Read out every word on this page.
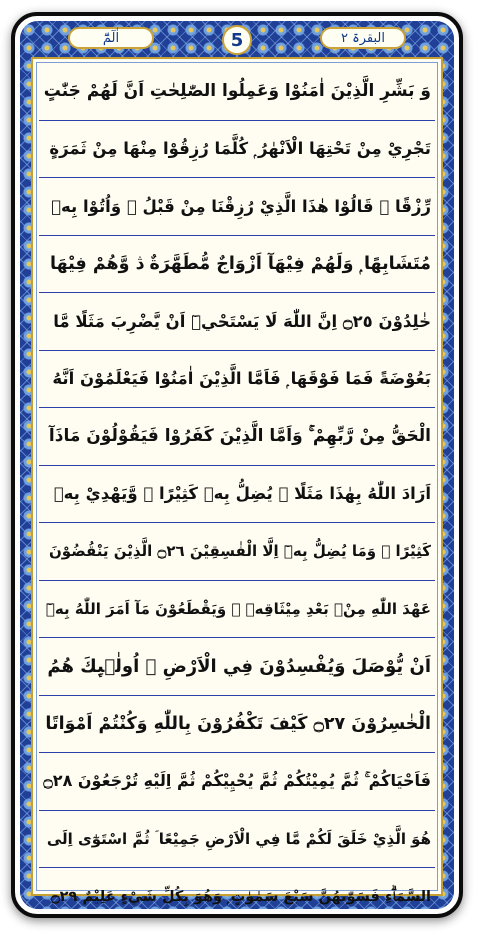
اٰلٓمّٓ	5	البقرۃ ۲
وَ بَشِّرِ الَّذِيْنَ اٰمَنُوْا وَعَمِلُوا الصّٰلِحٰتِ اَنَّ لَهُمْ جَنّٰتٍ
تَجْرِيْ مِنْ تَحْتِهَا الْاَنْهٰرُ ۭ كُلَّمَا رُزِقُوْا مِنْهَا مِنْ ثَمَرَةٍ
رِّزْقًا ۙ قَالُوْا هٰذَا الَّذِيْ رُزِقْنَا مِنْ قَبْلُ ۙ وَاُتُوْا بِهٖ
مُتَشَابِهًا ۭ وَلَهُمْ فِيْهَآ اَزْوَاجٌ مُّطَهَّرَةٌ ڎ وَّهُمْ فِيْهَا
خٰلِدُوْنَ ۝٢٥ اِنَّ اللّٰهَ لَا يَسْتَحْيٖٓ اَنْ يَّضْرِبَ مَثَلًا مَّا
بَعُوْضَةً فَمَا فَوْقَهَا ۭ فَاَمَّا الَّذِيْنَ اٰمَنُوْا فَيَعْلَمُوْنَ اَنَّهُ
الْحَقُّ مِنْ رَّبِّهِمْ ۚ وَاَمَّا الَّذِيْنَ كَفَرُوْا فَيَقُوْلُوْنَ مَاذَآ
اَرَادَ اللّٰهُ بِهٰذَا مَثَلًا ۘ يُضِلُّ بِهٖ كَثِيْرًا ۙ وَّيَهْدِيْ بِهٖ
كَثِيْرًا ۭ وَمَا يُضِلُّ بِهٖٓ اِلَّا الْفٰسِقِيْنَ ۝٢٦ الَّذِيْنَ يَنْقُضُوْنَ
عَهْدَ اللّٰهِ مِنْۢ بَعْدِ مِيْثَاقِهٖ ۠ وَيَقْطَعُوْنَ مَآ اَمَرَ اللّٰهُ بِهٖٓ
اَنْ يُّوْصَلَ وَيُفْسِدُوْنَ فِي الْاَرْضِ ۭ اُولٰۗىِٕكَ ھُمُ
الْخٰسِرُوْنَ ۝٢٧ كَيْفَ تَكْفُرُوْنَ بِاللّٰهِ وَكُنْتُمْ اَمْوَاتًا
فَاَحْيَاكُمْ ۚ ثُمَّ يُمِيْتُكُمْ ثُمَّ يُحْيِيْكُمْ ثُمَّ اِلَيْهِ تُرْجَعُوْنَ ۝٢٨
ھُوَ الَّذِيْ خَلَقَ لَكُمْ مَّا فِي الْاَرْضِ جَمِيْعًا ۤ ثُمَّ اسْتَوٰٓى اِلَى
السَّمَاۗءِ فَسَوّٰىھُنَّ سَبْعَ سَمٰوٰتٍ ۭ وَھُوَ بِكُلِّ شَيْءٍ عَلِيْمٌ ۝٢٩
